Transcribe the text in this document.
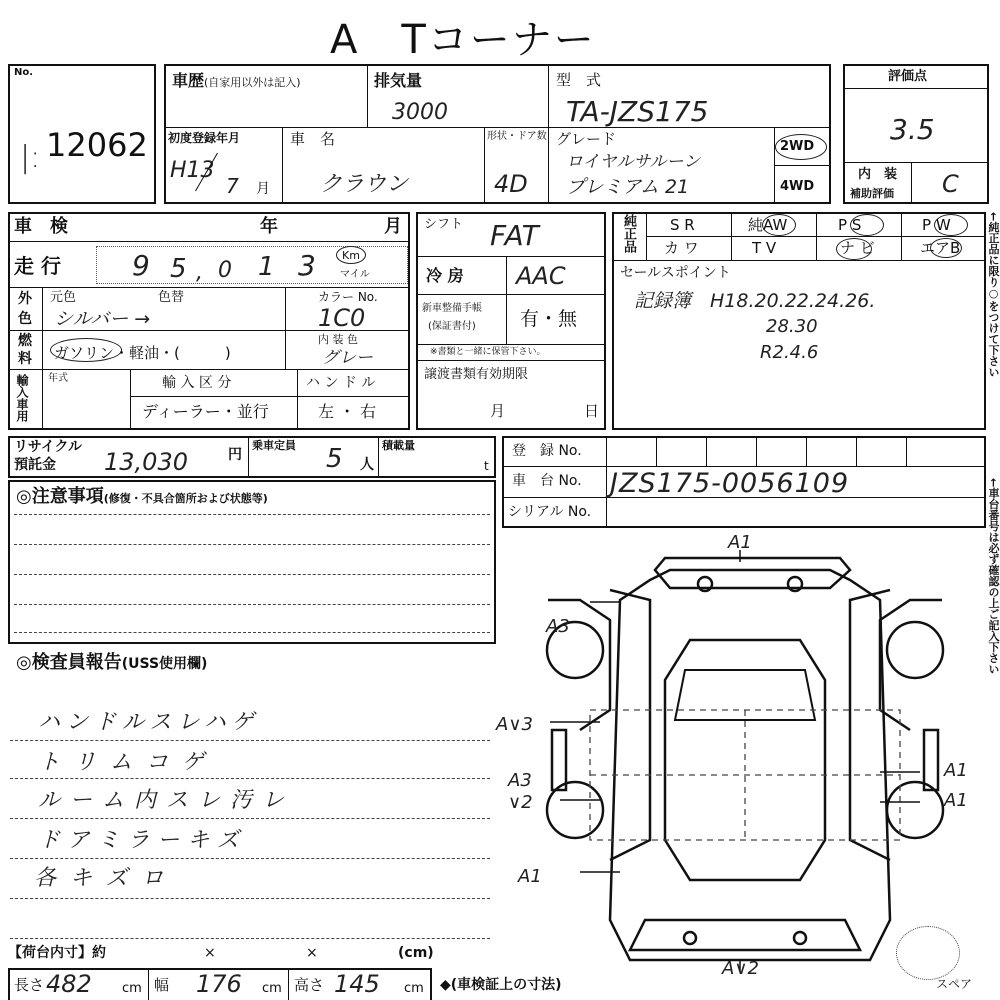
A　Tコーナー
No.
12062
|:
車歴(自家用以外は記入)	排気量
3000
型　式
TA-JZS175
初度登録年月
H13
7 月
車　名
クラウン
形状・ドア数
4D
グレード
ロイヤルサルーン
プレミアム 21
2WD
4WD
評価点
3.5
内　装
補助評価 C
車　検	年	月
走 行	9 5 , 0 1 3 Km
マイル
外
色
元色	色替	カラー No.
シルバー →	1C0
燃
料 ガソリン・軽油・(　　　)
内 装 色
グレー
輸入車用 年式	輸 入 区 分
ディーラー・並行
ハ ン ド ル
左 ・ 右
シフト FAT
冷 房 AAC
新車整備手帳
(保証書付) 有・無
※書類と一緒に保管下さい。
譲渡書類有効期限
月	日
純正品 S R	純AW	P S	P W
カ ワ	T V	ナ ビ	エアB
セールスポイント
記録簿　H18.20.22.24.26.
28.30
R2.4.6	←純正品に限り○をつけて下さい
←車台番号は必ず確認の上ご記入下さい
リサイクル
預託金 13,030	円
乗車定員 5 人
積載量
t
登　録 No.
車　台 No. JZS175-0056109
シリアル No.
◎注意事項(修復・不具合箇所および状態等)
◎検査員報告(USS使用欄)
ハンドルスレハゲ
トリムコゲ
ルーム内スレ汚レ
ドアミラーキズ
各キズロ
A1
A3
A∨3
A3
∨2
A1
A1
A1
A∨2
スペア
【荷台内寸】約	×	×	(cm)
長さ 482 cm 幅 176 cm 高さ 145 cm ◆(車検証上の寸法)
